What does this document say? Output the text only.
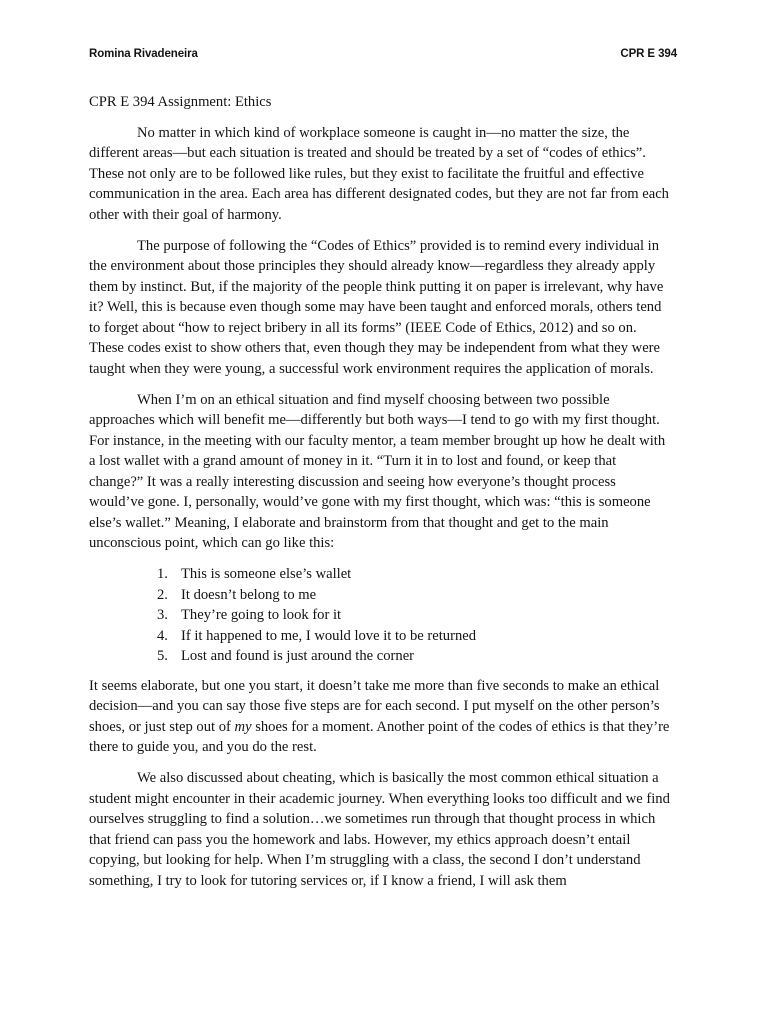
Romina Rivadeneira	CPR E 394

CPR E 394 Assignment: Ethics

No matter in which kind of workplace someone is caught in—no matter the size, the different areas—but each situation is treated and should be treated by a set of “codes of ethics”. These not only are to be followed like rules, but they exist to facilitate the fruitful and effective communication in the area. Each area has different designated codes, but they are not far from each other with their goal of harmony.

The purpose of following the “Codes of Ethics” provided is to remind every individual in the environment about those principles they should already know—regardless they already apply them by instinct. But, if the majority of the people think putting it on paper is irrelevant, why have it? Well, this is because even though some may have been taught and enforced morals, others tend to forget about “how to reject bribery in all its forms” (IEEE Code of Ethics, 2012) and so on. These codes exist to show others that, even though they may be independent from what they were taught when they were young, a successful work environment requires the application of morals.

When I’m on an ethical situation and find myself choosing between two possible approaches which will benefit me—differently but both ways—I tend to go with my first thought. For instance, in the meeting with our faculty mentor, a team member brought up how he dealt with a lost wallet with a grand amount of money in it. “Turn it in to lost and found, or keep that change?” It was a really interesting discussion and seeing how everyone’s thought process would’ve gone. I, personally, would’ve gone with my first thought, which was: “this is someone else’s wallet.” Meaning, I elaborate and brainstorm from that thought and get to the main unconscious point, which can go like this:

1. This is someone else’s wallet
2. It doesn’t belong to me
3. They’re going to look for it
4. If it happened to me, I would love it to be returned
5. Lost and found is just around the corner

It seems elaborate, but one you start, it doesn’t take me more than five seconds to make an ethical decision—and you can say those five steps are for each second. I put myself on the other person’s shoes, or just step out of my shoes for a moment. Another point of the codes of ethics is that they’re there to guide you, and you do the rest.

We also discussed about cheating, which is basically the most common ethical situation a student might encounter in their academic journey. When everything looks too difficult and we find ourselves struggling to find a solution…we sometimes run through that thought process in which that friend can pass you the homework and labs. However, my ethics approach doesn’t entail copying, but looking for help. When I’m struggling with a class, the second I don’t understand something, I try to look for tutoring services or, if I know a friend, I will ask them
